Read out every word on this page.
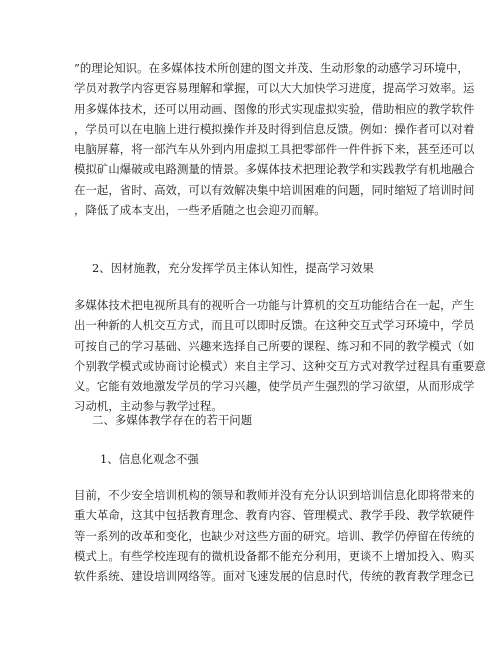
”的理论知识。在多媒体技术所创建的图文并茂、生动形象的动感学习环境中，
学员对教学内容更容易理解和掌握，可以大大加快学习进度，提高学习效率。运
用多媒体技术，还可以用动画、图像的形式实现虚拟实验，借助相应的教学软件
，学员可以在电脑上进行模拟操作并及时得到信息反馈。例如：操作者可以对着
电脑屏幕，将一部汽车从外到内用虚拟工具把零部件一件件拆下来，甚至还可以
模拟矿山爆破或电路测量的情景。多媒体技术把理论教学和实践教学有机地融合
在一起，省时、高效，可以有效解决集中培训困难的问题，同时缩短了培训时间
，降低了成本支出，一些矛盾随之也会迎刃而解。
2、因材施教，充分发挥学员主体认知性，提高学习效果
多媒体技术把电视所具有的视听合一功能与计算机的交互功能结合在一起，产生
出一种新的人机交互方式，而且可以即时反馈。在这种交互式学习环境中，学员
可按自己的学习基础、兴趣来选择自己所要的课程、练习和不同的教学模式（如
个别教学模式或协商讨论模式）来自主学习、这种交互方式对教学过程具有重要意
义。它能有效地激发学员的学习兴趣，使学员产生强烈的学习欲望，从而形成学
习动机，主动参与教学过程。
二、多媒体教学存在的若干问题
1、信息化观念不强
目前，不少安全培训机构的领导和教师并没有充分认识到培训信息化即将带来的
重大革命，这其中包括教育理念、教育内容、管理模式、教学手段、教学软硬件
等一系列的改革和变化，也缺少对这些方面的研究。培训、教学仍停留在传统的
模式上。有些学校连现有的微机设备都不能充分利用，更谈不上增加投入、购买
软件系统、建设培训网络等。面对飞速发展的信息时代，传统的教育教学理念已
